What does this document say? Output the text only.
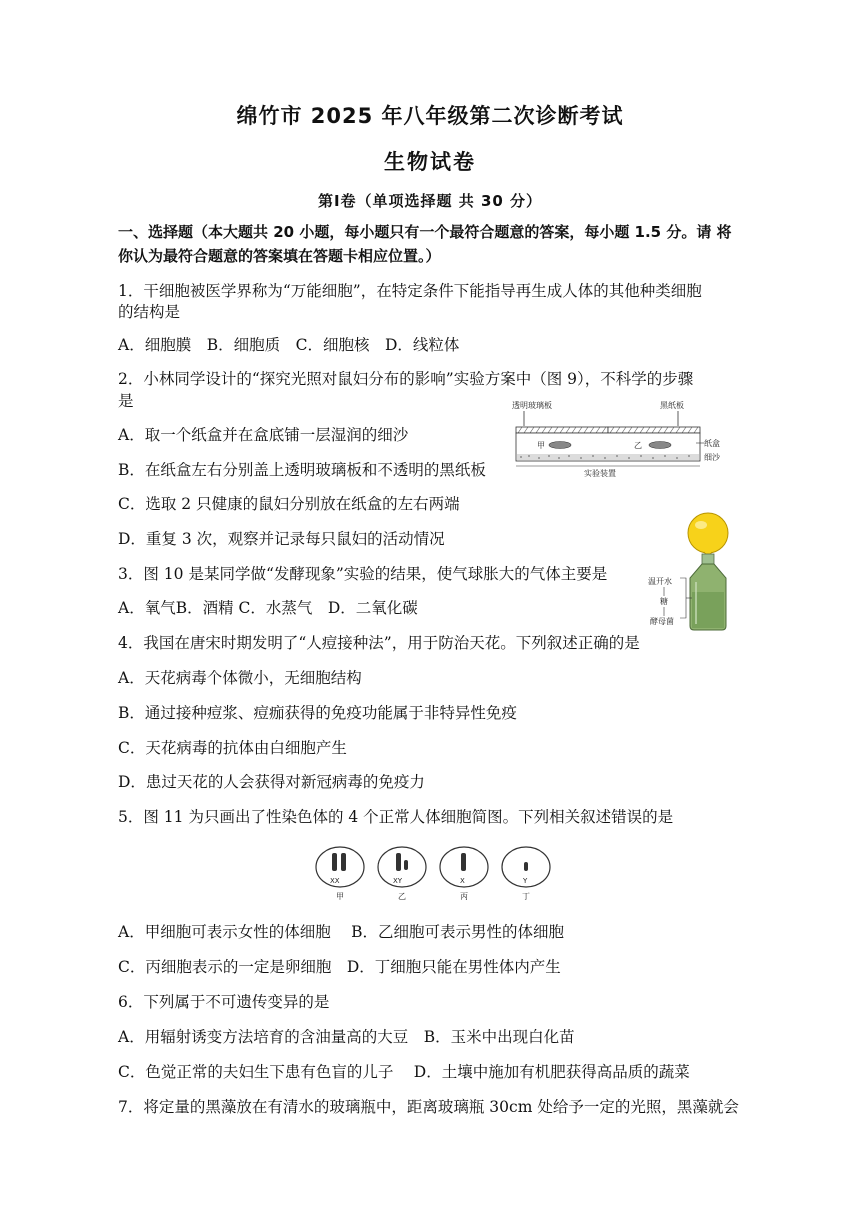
绵竹市 2025 年八年级第二次诊断考试
生物试卷
第Ⅰ卷（单项选择题 共 30 分）
一、选择题（本大题共 20 小题，每小题只有一个最符合题意的答案，每小题 1.5 分。请 将
你认为最符合题意的答案填在答题卡相应位置。）
1．干细胞被医学界称为“万能细胞”，在特定条件下能指导再生成人体的其他种类细胞
的结构是
A．细胞膜　B．细胞质　C．细胞核　D．线粒体
2．小林同学设计的“探究光照对鼠妇分布的影响”实验方案中（图 9），不科学的步骤
是
A．取一个纸盒并在盒底铺一层湿润的细沙
B．在纸盒左右分别盖上透明玻璃板和不透明的黑纸板
C．选取 2 只健康的鼠妇分别放在纸盒的左右两端
D．重复 3 次，观察并记录每只鼠妇的活动情况
透明玻璃板	黑纸板
甲	乙
实验装置
纸盒
细沙
3．图 10 是某同学做“发酵现象”实验的结果，使气球胀大的气体主要是
A．氧气B．酒精 C．水蒸气　D．二氧化碳
温开水
糖
酵母菌
4．我国在唐宋时期发明了“人痘接种法”，用于防治天花。下列叙述正确的是
A．天花病毒个体微小，无细胞结构
B．通过接种痘浆、痘痂获得的免疫功能属于非特异性免疫
C．天花病毒的抗体由白细胞产生
D．患过天花的人会获得对新冠病毒的免疫力
5．图 11 为只画出了性染色体的 4 个正常人体细胞简图。下列相关叙述错误的是
XX
甲
XY
乙
X
丙
Y
丁
A．甲细胞可表示女性的体细胞　 B．乙细胞可表示男性的体细胞
C．丙细胞表示的一定是卵细胞　D．丁细胞只能在男性体内产生
6．下列属于不可遗传变异的是
A．用辐射诱变方法培育的含油量高的大豆　B．玉米中出现白化苗
C．色觉正常的夫妇生下患有色盲的儿子　 D．土壤中施加有机肥获得高品质的蔬菜
7．将定量的黑藻放在有清水的玻璃瓶中，距离玻璃瓶 30cm 处给予一定的光照，黑藻就会
